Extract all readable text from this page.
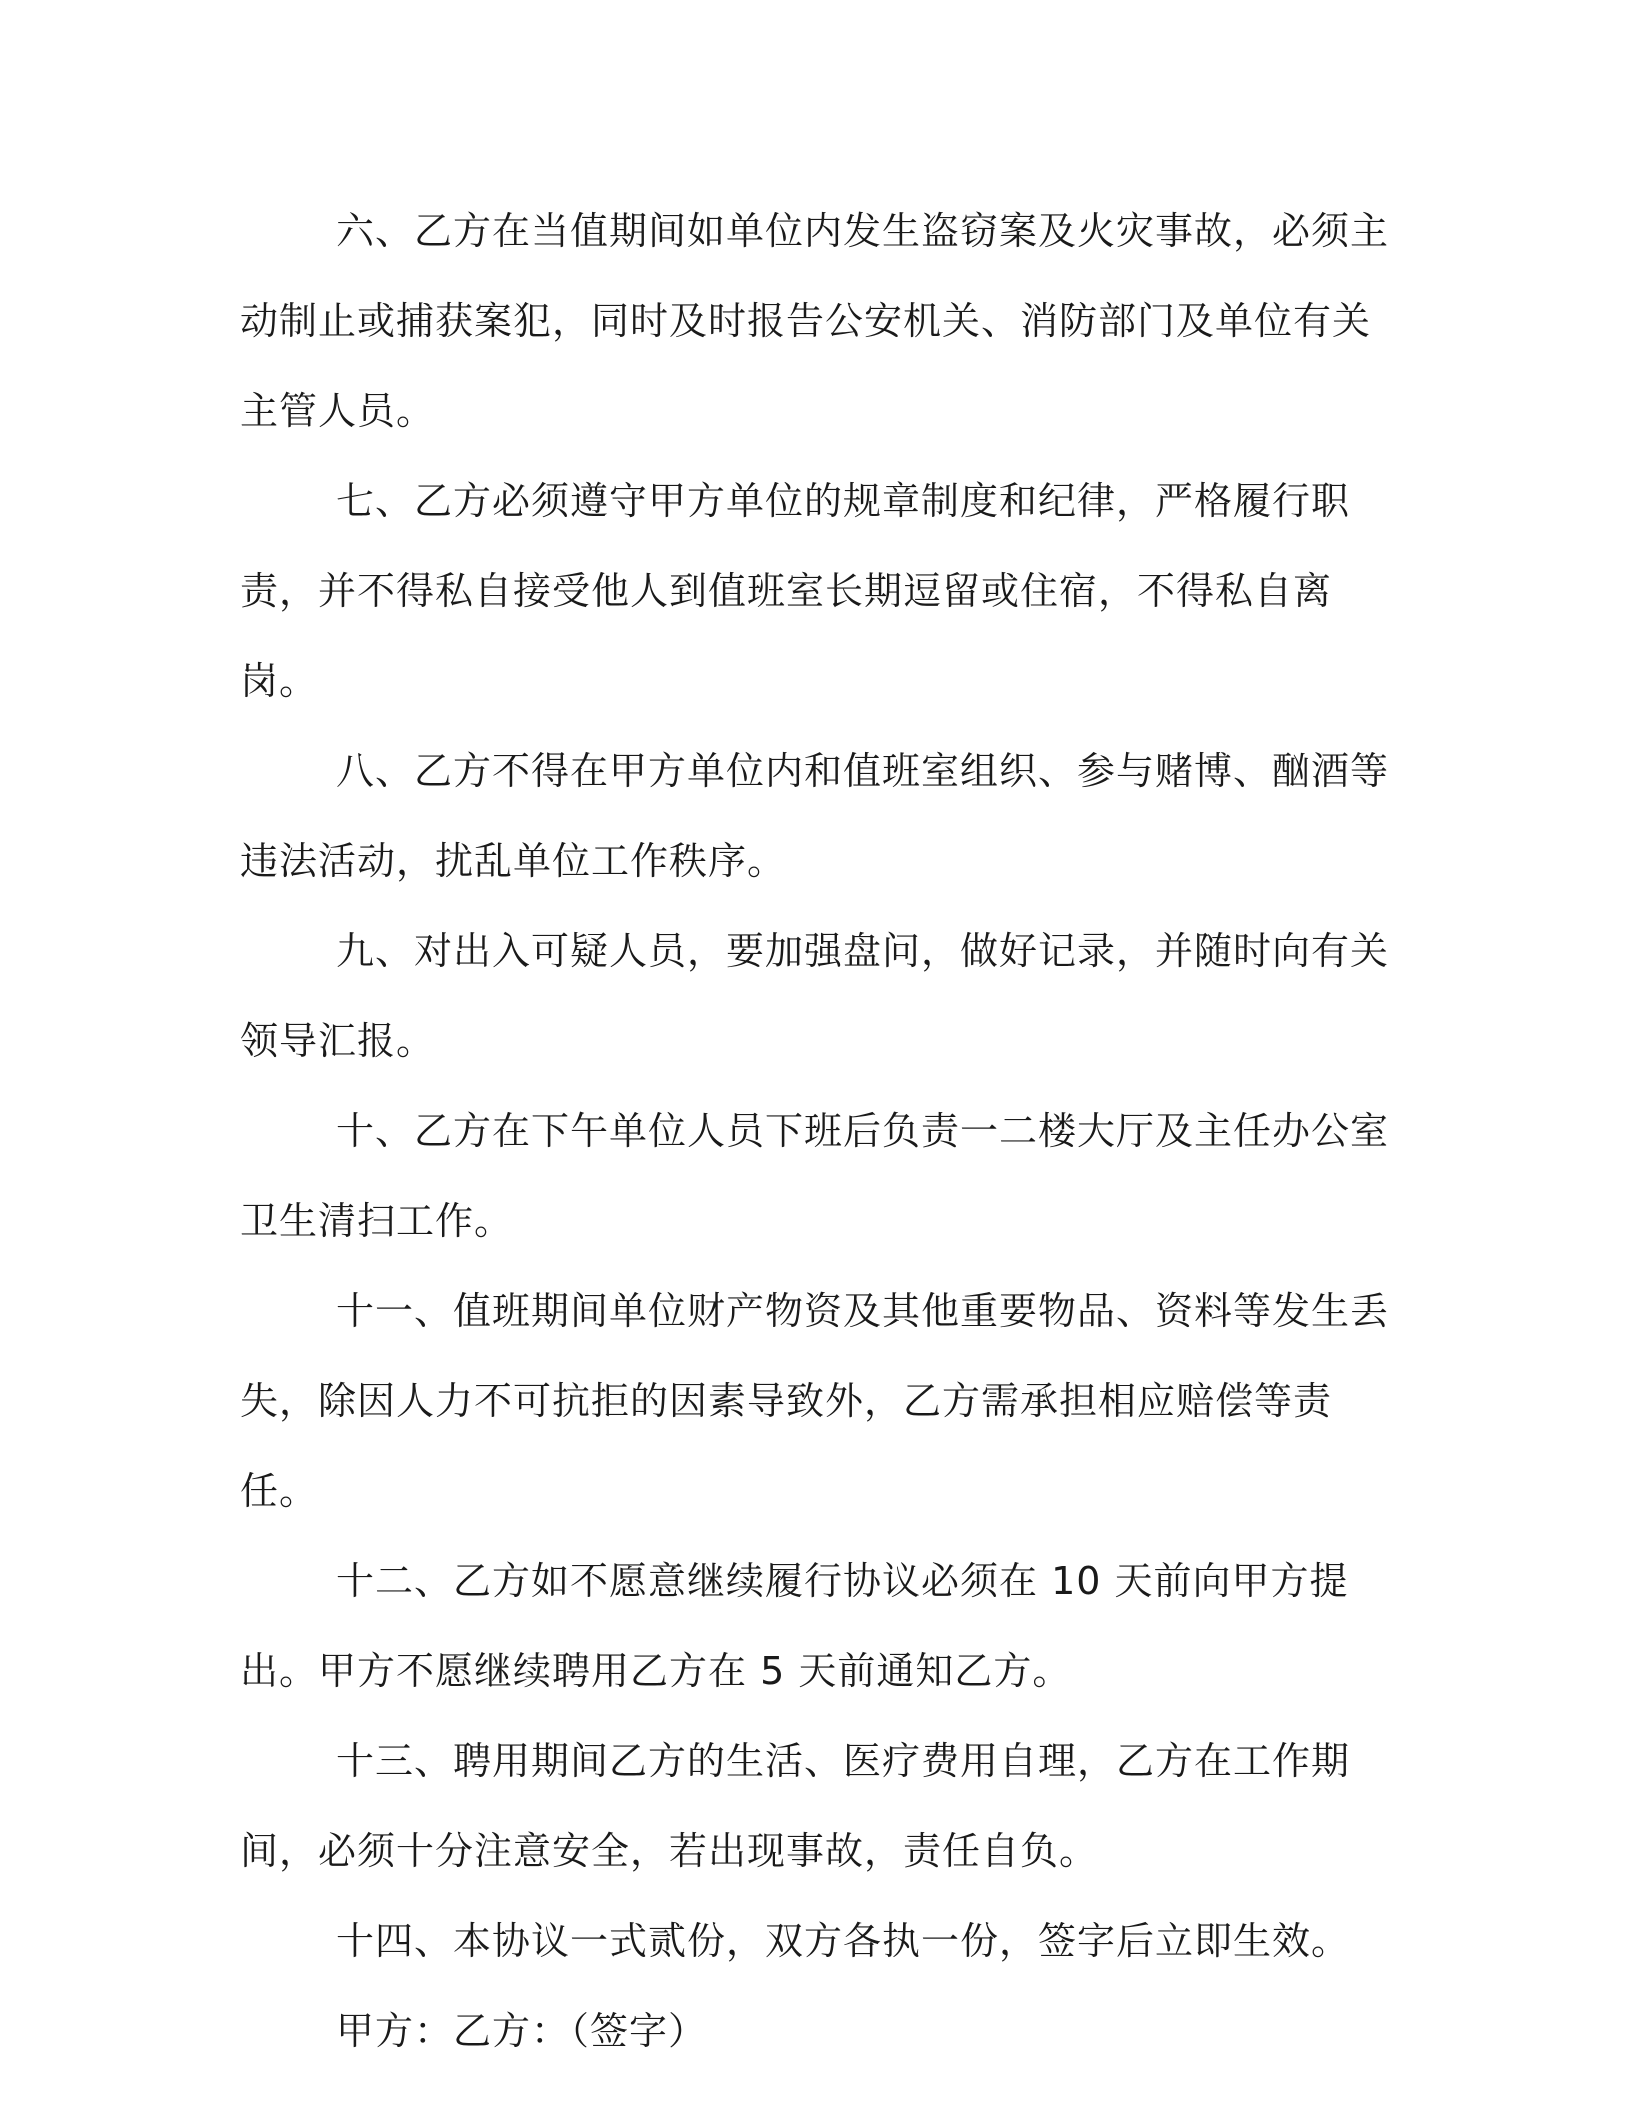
六、乙方在当值期间如单位内发生盗窃案及火灾事故，必须主动制止或捕获案犯，同时及时报告公安机关、消防部门及单位有关主管人员。

七、乙方必须遵守甲方单位的规章制度和纪律，严格履行职责，并不得私自接受他人到值班室长期逗留或住宿，不得私自离岗。

八、乙方不得在甲方单位内和值班室组织、参与赌博、酗酒等违法活动，扰乱单位工作秩序。

九、对出入可疑人员，要加强盘问，做好记录，并随时向有关领导汇报。

十、乙方在下午单位人员下班后负责一二楼大厅及主任办公室卫生清扫工作。

十一、值班期间单位财产物资及其他重要物品、资料等发生丢失，除因人力不可抗拒的因素导致外，乙方需承担相应赔偿等责任。

十二、乙方如不愿意继续履行协议必须在 10 天前向甲方提出。甲方不愿继续聘用乙方在 5 天前通知乙方。

十三、聘用期间乙方的生活、医疗费用自理，乙方在工作期间，必须十分注意安全，若出现事故，责任自负。

十四、本协议一式贰份，双方各执一份，签字后立即生效。

甲方：乙方：（签字）
